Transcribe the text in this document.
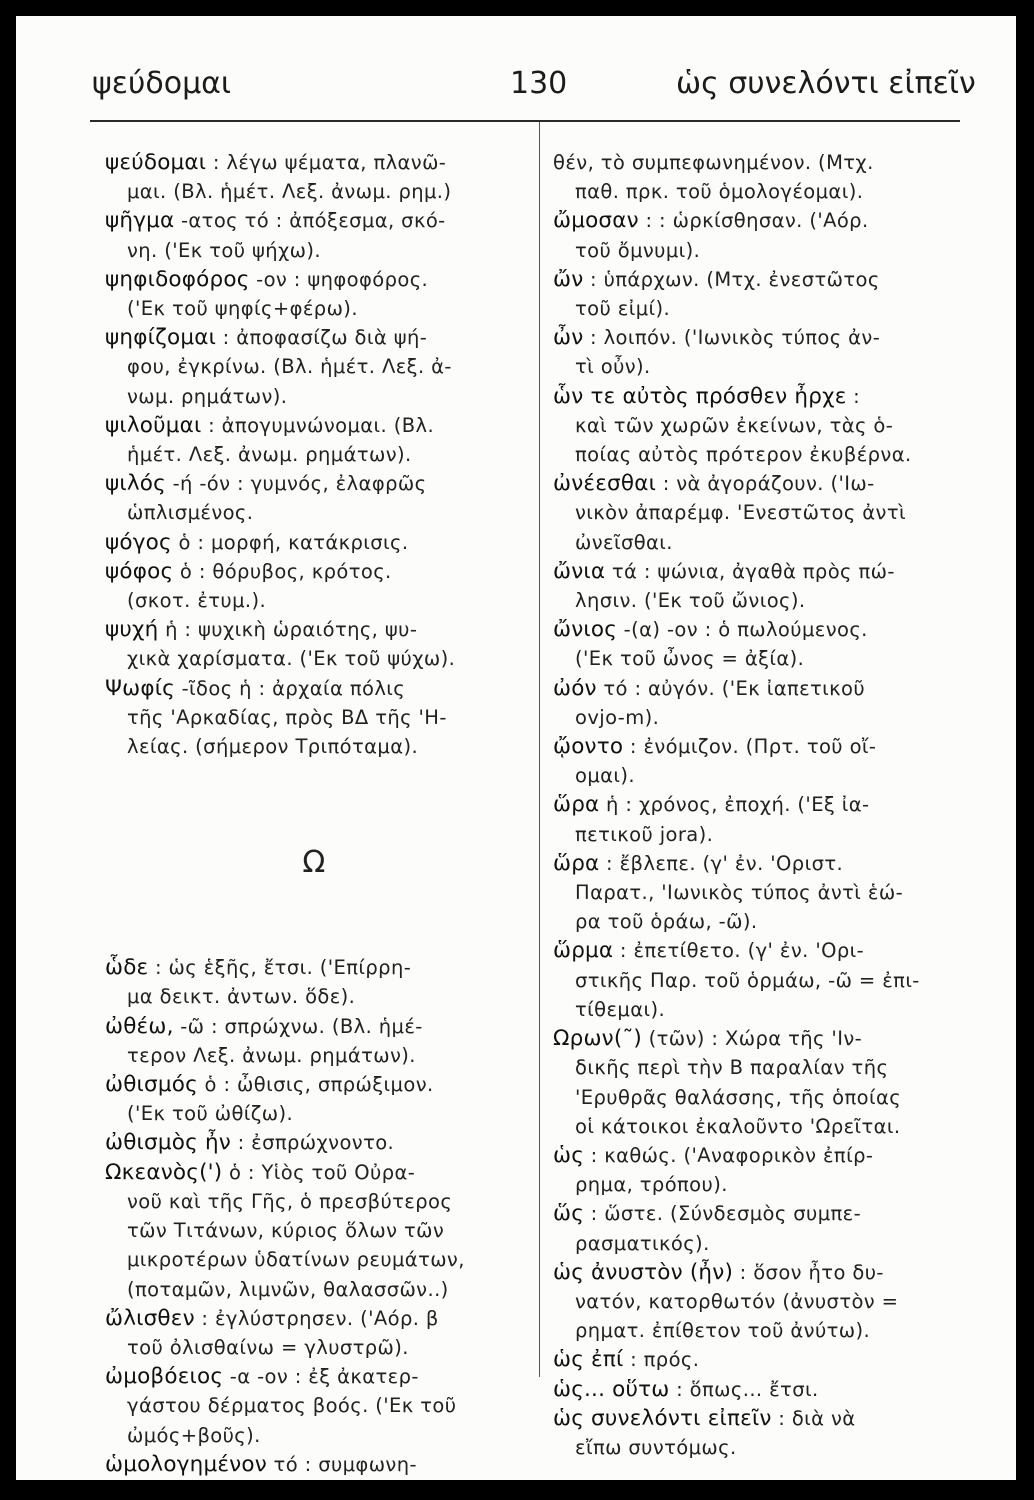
ψεύδομαι	130	ὡς συνελόντι εἰπεῖν

ψεύδομαι : λέγω ψέματα, πλανῶ-

μαι. (Βλ. ἡμέτ. Λεξ. ἀνωμ. ρημ.)

ψῆγμα -ατος τό : ἀπόξεσμα, σκό-

νη. ('Εκ τοῦ ψήχω).

ψηφιδοφόρος -ον : ψηφοφόρος.

('Εκ τοῦ ψηφίς+φέρω).

ψηφίζομαι : ἀποφασίζω διὰ ψή-

φου, ἐγκρίνω. (Βλ. ἡμέτ. Λεξ. ἀ-

νωμ. ρημάτων).

ψιλοῦμαι : ἀπογυμνώνομαι. (Βλ.

ἡμέτ. Λεξ. ἀνωμ. ρημάτων).

ψιλός -ή -όν : γυμνός, ἐλαφρῶς

ὡπλισμένος.

ψόγος ὁ : μορφή, κατάκρισις.

ψόφος ὁ : θόρυβος, κρότος.

(σκοτ. ἐτυμ.).

ψυχή ἡ : ψυχικὴ ὡραιότης, ψυ-

χικὰ χαρίσματα. ('Εκ τοῦ ψύχω).

Ψωφίς -ῖδος ἡ : ἀρχαία πόλις

τῆς 'Αρκαδίας, πρὸς ΒΔ τῆς 'Η-

λείας. (σήμερον Τριπόταμα).

Ω

ὧδε : ὡς ἑξῆς, ἔτσι. ('Επίρρη-

μα δεικτ. ἀντων. ὅδε).

ὠθέω, -ῶ : σπρώχνω. (Βλ. ἡμέ-

τερον Λεξ. ἀνωμ. ρημάτων).

ὠθισμός ὁ : ὦθισις, σπρώξιμον.

('Εκ τοῦ ὠθίζω).

ὠθισμὸς ἦν : ἐσπρώχνοντο.

Ωκεανὸς(') ὁ : Υἱὸς τοῦ Οὐρα-

νοῦ καὶ τῆς Γῆς, ὁ πρεσβύτερος

τῶν Τιτάνων, κύριος ὅλων τῶν

μικροτέρων ὑδατίνων ρευμάτων,

(ποταμῶν, λιμνῶν, θαλασσῶν..)

ὤλισθεν : ἐγλύστρησεν. ('Αόρ. β

τοῦ ὀλισθαίνω = γλυστρῶ).

ὠμοβόειος -α -ον : ἐξ ἀκατερ-

γάστου δέρματος βοός. ('Εκ τοῦ

ὠμός+βοῦς).

ὡμολογημένον τό : συμφωνη-

θέν, τὸ συμπεφωνημένον. (Μτχ.

παθ. πρκ. τοῦ ὁμολογέομαι).

ὤμοσαν : : ὡρκίσθησαν. ('Αόρ.

τοῦ ὄμνυμι).

ὤν : ὑπάρχων. (Μτχ. ἐνεστῶτος

τοῦ εἰμί).

ὦν : λοιπόν. ('Ιωνικὸς τύπος ἀν-

τὶ οὖν).

ὧν τε αὐτὸς πρόσθεν ἦρχε :

καὶ τῶν χωρῶν ἐκείνων, τὰς ὁ-

ποίας αὐτὸς πρότερον ἐκυβέρνα.

ὠνέεσθαι : νὰ ἀγοράζουν. ('Ιω-

νικὸν ἀπαρέμφ. 'Ενεστῶτος ἀντὶ

ὠνεῖσθαι.

ὤνια τά : ψώνια, ἀγαθὰ πρὸς πώ-

λησιν. ('Εκ τοῦ ὤνιος).

ὤνιος -(α) -ον : ὁ πωλούμενος.

('Εκ τοῦ ὦνος = ἀξία).

ὠόν τό : αὐγόν. ('Εκ ἰαπετικοῦ

ovjo-m).

ᾤοντο : ἐνόμιζον. (Πρτ. τοῦ οἴ-

ομαι).

ὥρα ἡ : χρόνος, ἐποχή. ('Εξ ἰα-

πετικοῦ jora).

ὥρα : ἔβλεπε. (γ' ἐν. 'Οριστ.

Παρατ., 'Ιωνικὸς τύπος ἀντὶ ἑώ-

ρα τοῦ ὁράω, -ῶ).

ὥρμα : ἐπετίθετο. (γ' ἐν. 'Ορι-

στικῆς Παρ. τοῦ ὁρμάω, -ῶ = ἐπι-

τίθεμαι).

Ωρων(˜) (τῶν) : Χώρα τῆς 'Ιν-

δικῆς περὶ τὴν Β παραλίαν τῆς

'Ερυθρᾶς θαλάσσης, τῆς ὁποίας

οἱ κάτοικοι ἐκαλοῦντο 'Ωρεῖται.

ὡς : καθώς. ('Αναφορικὸν ἐπίρ-

ρημα, τρόπου).

ὥς : ὥστε. (Σύνδεσμὸς συμπε-

ρασματικός).

ὡς ἀνυστὸν (ἦν) : ὅσον ἦτο δυ-

νατόν, κατορθωτόν (ἀνυστὸν =

ρηματ. ἐπίθετον τοῦ ἀνύτω).

ὡς ἐπί : πρός.

ὡς... οὕτω : ὅπως... ἔτσι.

ὡς συνελόντι εἰπεῖν : διὰ νὰ

εἴπω συντόμως.
